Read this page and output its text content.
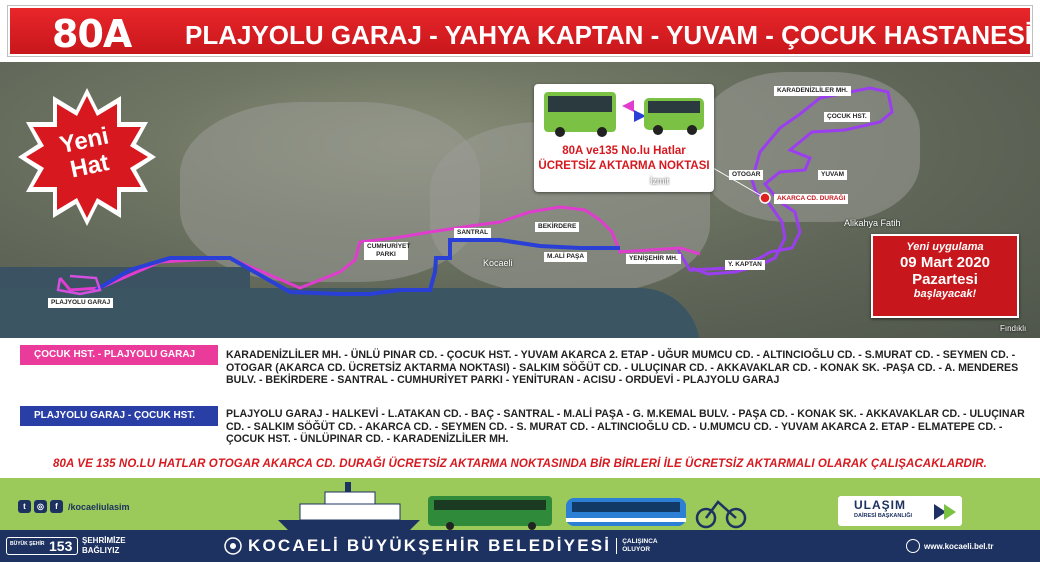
80A PLAJYOLU GARAJ - YAHYA KAPTAN - YUVAM - ÇOCUK HASTANESİ
Yeni
Hat	80A ve135 No.lu Hatlar
ÜCRETSİZ AKTARMA NOKTASI
KARADENİZLİLER MH.
ÇOCUK HST.
YUVAM
OTOGAR
AKARCA CD. DURAĞI
BEKİRDERE
SANTRAL
CUMHURİYET PARKI	M.ALİ PAŞA	YENİŞEHİR MH.
Y. KAPTAN
PLAJYOLU GARAJ
İzmit
Kocaeli
Alikahya Fatih
Fındıklı
Yeni uygulama
09 Mart 2020
Pazartesi
başlayacak!
ÇOCUK HST. - PLAJYOLU GARAJ	KARADENİZLİLER MH. - ÜNLÜ PINAR CD. - ÇOCUK HST. - YUVAM AKARCA 2. ETAP - UĞUR MUMCU CD. - ALTINCIOĞLU CD. - S.MURAT CD. - SEYMEN CD. - OTOGAR (AKARCA CD. ÜCRETSİZ AKTARMA NOKTASI) - SALKIM SÖĞÜT CD. - ULUÇINAR CD. - AKKAVAKLAR CD. - KONAK SK. -PAŞA CD. - A. MENDERES BULV. - BEKİRDERE - SANTRAL - CUMHURİYET PARKI - YENİTURAN - ACISU - ORDUEVİ - PLAJYOLU GARAJ
PLAJYOLU GARAJ - ÇOCUK HST.	PLAJYOLU GARAJ - HALKEVİ - L.ATAKAN CD. - BAÇ - SANTRAL - M.ALİ PAŞA - G. M.KEMAL BULV. - PAŞA CD. - KONAK SK. - AKKAVAKLAR CD. - ULUÇINAR CD. - SALKIM SÖĞÜT CD. - AKARCA CD. - SEYMEN CD. - S. MURAT CD. - ALTINCIOĞLU CD. - U.MUMCU CD. - YUVAM AKARCA 2. ETAP - ELMATEPE CD. - ÇOCUK HST. - ÜNLÜPINAR CD. - KARADENİZLİLER MH.
80A VE 135 NO.LU HATLAR OTOGAR AKARCA CD. DURAĞI ÜCRETSİZ AKTARMA NOKTASINDA BİR BİRLERİ İLE ÜCRETSİZ AKTARMALI OLARAK ÇALIŞACAKLARDIR.
t	◎	f	/kocaeliulasim	ULAŞIM
DAİRESİ BAŞKANLIĞI
BÜYÜK ŞEHİR 153 ŞEHRİMİZE
BAĞLIYIZ	KOCAELİ BÜYÜKŞEHİR BELEDİYESİ ÇALIŞINCA
OLUYOR	www.kocaeli.bel.tr
